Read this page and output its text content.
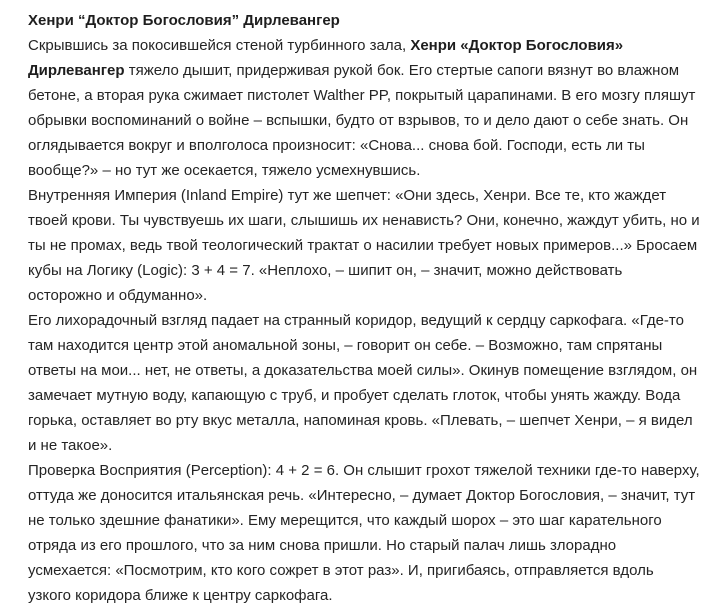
Хенри “Доктор Богословия” Дирлевангер

Скрывшись за покосившейся стеной турбинного зала, Хенри «Доктор Богословия» Дирлевангер тяжело дышит, придерживая рукой бок. Его стертые сапоги вязнут во влажном бетоне, а вторая рука сжимает пистолет Walther PP, покрытый царапинами. В его мозгу пляшут обрывки воспоминаний о войне – вспышки, будто от взрывов, то и дело дают о себе знать. Он оглядывается вокруг и вполголоса произносит: «Снова... снова бой. Господи, есть ли ты вообще?» – но тут же осекается, тяжело усмехнувшись.

Внутренняя Империя (Inland Empire) тут же шепчет: «Они здесь, Хенри. Все те, кто жаждет твоей крови. Ты чувствуешь их шаги, слышишь их ненависть? Они, конечно, жаждут убить, но и ты не промах, ведь твой теологический трактат о насилии требует новых примеров...» Бросаем кубы на Логику (Logic): 3 + 4 = 7. «Неплохо, – шипит он, – значит, можно действовать осторожно и обдуманно».

Его лихорадочный взгляд падает на странный коридор, ведущий к сердцу саркофага. «Где-то там находится центр этой аномальной зоны, – говорит он себе. – Возможно, там спрятаны ответы на мои... нет, не ответы, а доказательства моей силы». Окинув помещение взглядом, он замечает мутную воду, капающую с труб, и пробует сделать глоток, чтобы унять жажду. Вода горька, оставляет во рту вкус металла, напоминая кровь. «Плевать, – шепчет Хенри, – я видел и не такое».

Проверка Восприятия (Perception): 4 + 2 = 6. Он слышит грохот тяжелой техники где-то наверху, оттуда же доносится итальянская речь. «Интересно, – думает Доктор Богословия, – значит, тут не только здешние фанатики». Ему мерещится, что каждый шорох – это шаг карательного отряда из его прошлого, что за ним снова пришли. Но старый палач лишь злорадно усмехается: «Посмотрим, кто кого сожрет в этот раз». И, пригибаясь, отправляется вдоль узкого коридора ближе к центру саркофага.
